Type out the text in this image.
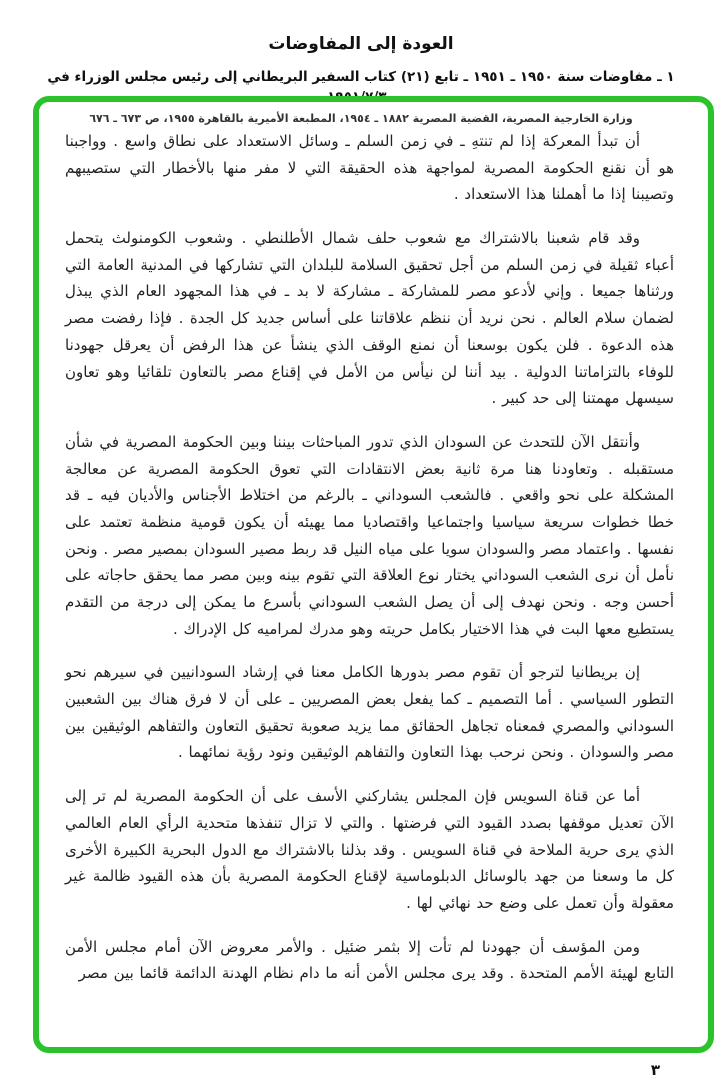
العودة إلى المفاوضات
١ ـ مفاوضات سنة ١٩٥٠ ـ ١٩٥١ ـ تابع (٢١) كتاب السفير البريطاني إلى رئيس مجلس الوزراء في ١٩٥١/٧/٣٠
وزارة الخارجية المصرية، القضية المصرية ١٨٨٢ ـ ١٩٥٤، المطبعة الأميرية بالقاهرة ١٩٥٥، ص ٦٧٣ ـ ٦٧٦

أن تبدأ المعركة إذا لم تنتهِ ـ في زمن السلم ـ وسائل الاستعداد على نطاق واسع . وواجبنا هو أن نقنع الحكومة المصرية لمواجهة هذه الحقيقة التي لا مفر منها بالأخطار التي ستصيبهم وتصيبنا إذا ما أهملنا هذا الاستعداد .

وقد قام شعبنا بالاشتراك مع شعوب حلف شمال الأطلنطي . وشعوب الكومنولث يتحمل أعباء ثقيلة في زمن السلم من أجل تحقيق السلامة للبلدان التي تشاركها في المدنية العامة التي ورثناها جميعا . وإني لأدعو مصر للمشاركة ـ مشاركة لا بد ـ في هذا المجهود العام الذي يبذل لضمان سلام العالم . نحن نريد أن ننظم علاقاتنا على أساس جديد كل الجدة . فإذا رفضت مصر هذه الدعوة . فلن يكون بوسعنا أن نمنع الوقف الذي ينشأ عن هذا الرفض أن يعرقل جهودنا للوفاء بالتزاماتنا الدولية . بيد أننا لن نيأس من الأمل في إقناع مصر بالتعاون تلقائيا وهو تعاون سيسهل مهمتنا إلى حد كبير .

وأنتقل الآن للتحدث عن السودان الذي تدور المباحثات بيننا وبين الحكومة المصرية في شأن مستقبله . وتعاودنا هنا مرة ثانية بعض الانتقادات التي تعوق الحكومة المصرية عن معالجة المشكلة على نحو واقعي . فالشعب السوداني ـ بالرغم من اختلاط الأجناس والأديان فيه ـ قد خطا خطوات سريعة سياسيا واجتماعيا واقتصاديا مما يهيئه أن يكون قومية منظمة تعتمد على نفسها . واعتماد مصر والسودان سويا على مياه النيل قد ربط مصير السودان بمصير مصر . ونحن نأمل أن نرى الشعب السوداني يختار نوع العلاقة التي تقوم بينه وبين مصر مما يحقق حاجاته على أحسن وجه . ونحن نهدف إلى أن يصل الشعب السوداني بأسرع ما يمكن إلى درجة من التقدم يستطيع معها البت في هذا الاختيار بكامل حريته وهو مدرك لمراميه كل الإدراك .

إن بريطانيا لترجو أن تقوم مصر بدورها الكامل معنا في إرشاد السودانيين في سيرهم نحو التطور السياسي . أما التصميم ـ كما يفعل بعض المصريين ـ على أن لا فرق هناك بين الشعبين السوداني والمصري فمعناه تجاهل الحقائق مما يزيد صعوبة تحقيق التعاون والتفاهم الوثيقين بين مصر والسودان . ونحن نرحب بهذا التعاون والتفاهم الوثيقين ونود رؤية نمائهما .

أما عن قناة السويس فإن المجلس يشاركني الأسف على أن الحكومة المصرية لم تر إلى الآن تعديل موقفها بصدد القيود التي فرضتها . والتي لا تزال تنفذها متحدية الرأي العام العالمي الذي يرى حرية الملاحة في قناة السويس . وقد بذلنا بالاشتراك مع الدول البحرية الكبيرة الأخرى كل ما وسعنا من جهد بالوسائل الدبلوماسية لإقناع الحكومة المصرية بأن هذه القيود ظالمة غير معقولة وأن تعمل على وضع حد نهائي لها .

ومن المؤسف أن جهودنا لم تأت إلا بثمر ضئيل . والأمر معروض الآن أمام مجلس الأمن التابع لهيئة الأمم المتحدة . وقد يرى مجلس الأمن أنه ما دام نظام الهدنة الدائمة قائما بين مصر

٣
